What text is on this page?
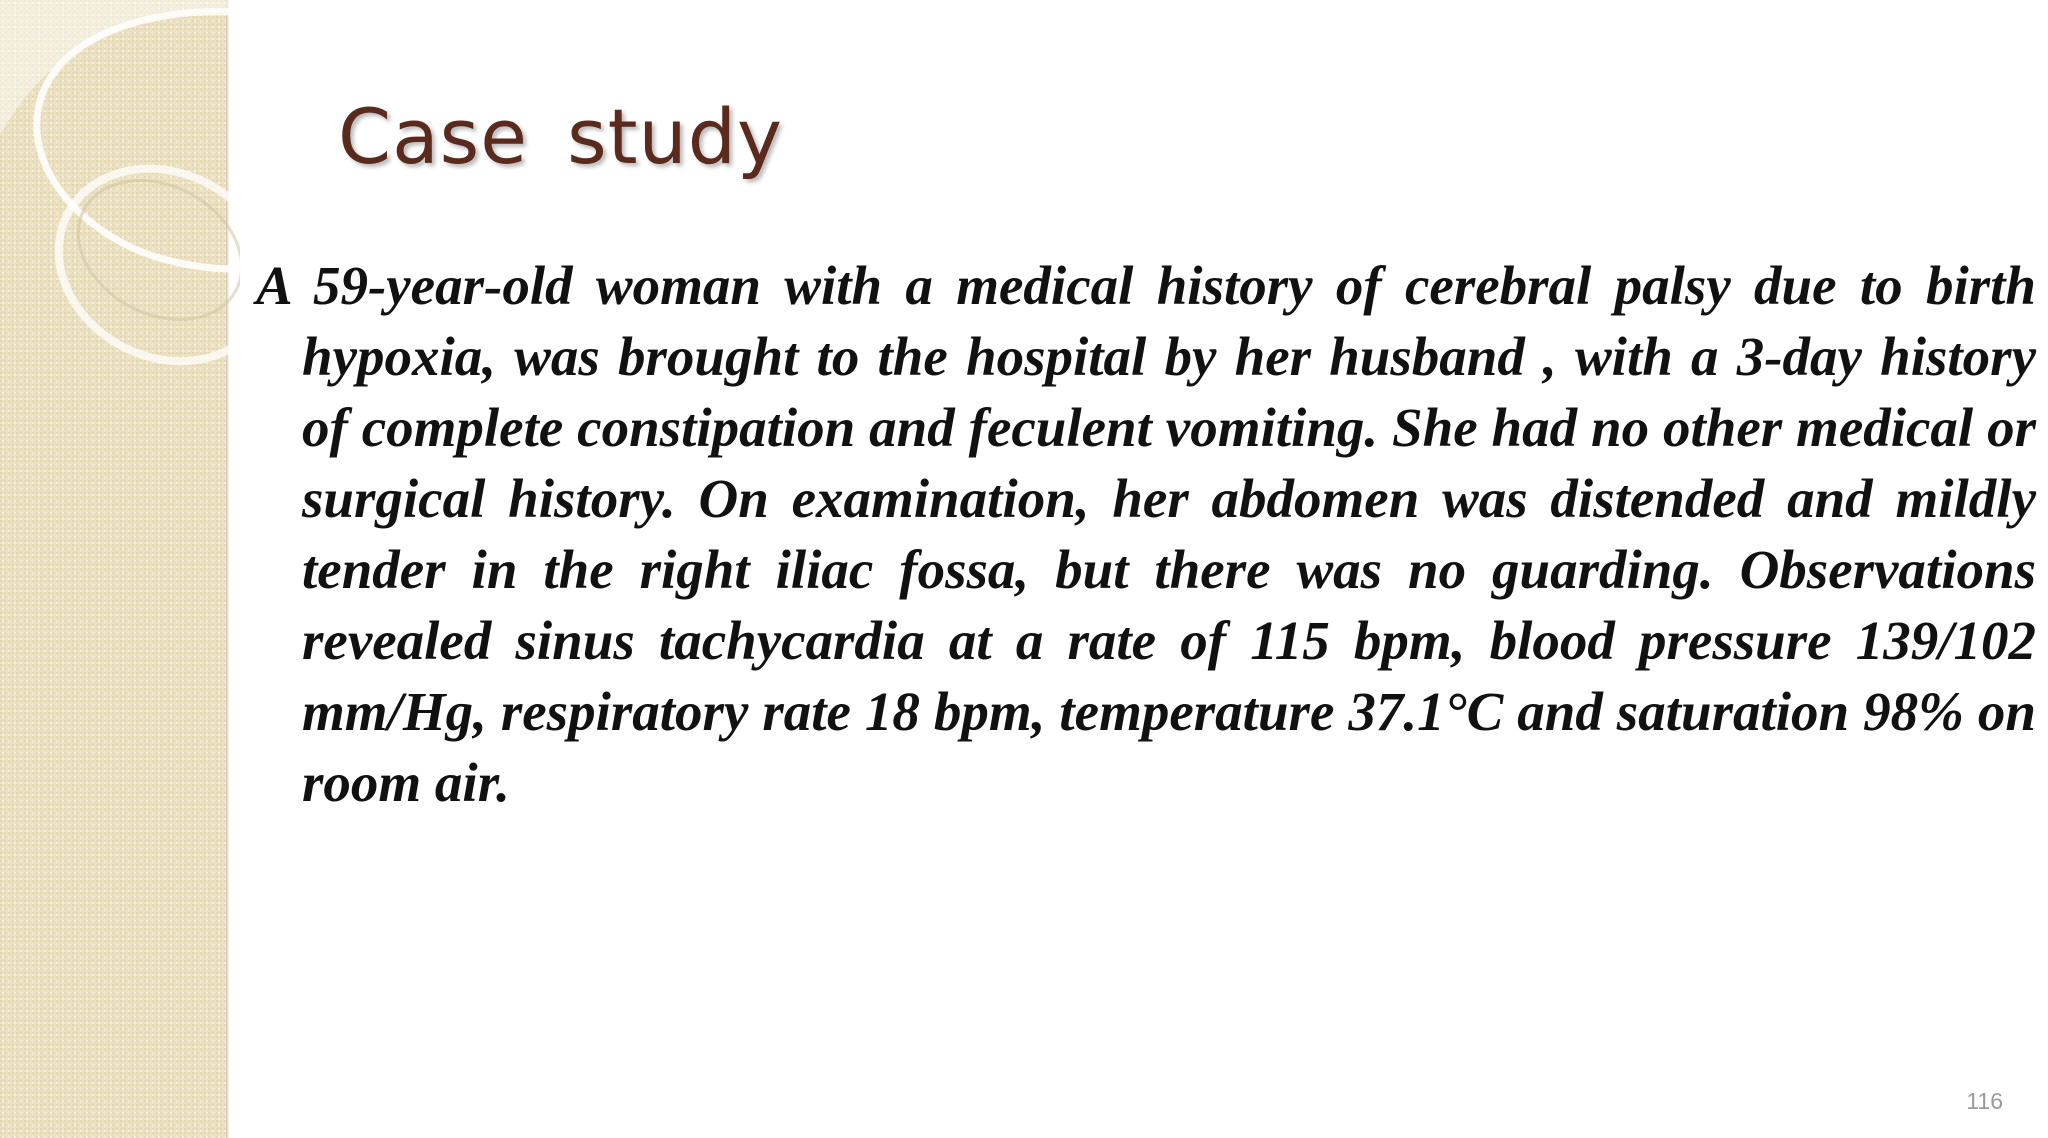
Case study

A 59-year-old woman with a medical history of cerebral palsy due to birth hypoxia, was brought to the hospital by her husband , with a 3-day history of complete constipation and feculent vomiting. She had no other medical or surgical history. On examination, her abdomen was distended and mildly tender in the right iliac fossa, but there was no guarding. Observations revealed sinus tachycardia at a rate of 115 bpm, blood pressure 139/102 mm/Hg, respiratory rate 18 bpm, temperature 37.1°C and saturation 98% on room air.

116
